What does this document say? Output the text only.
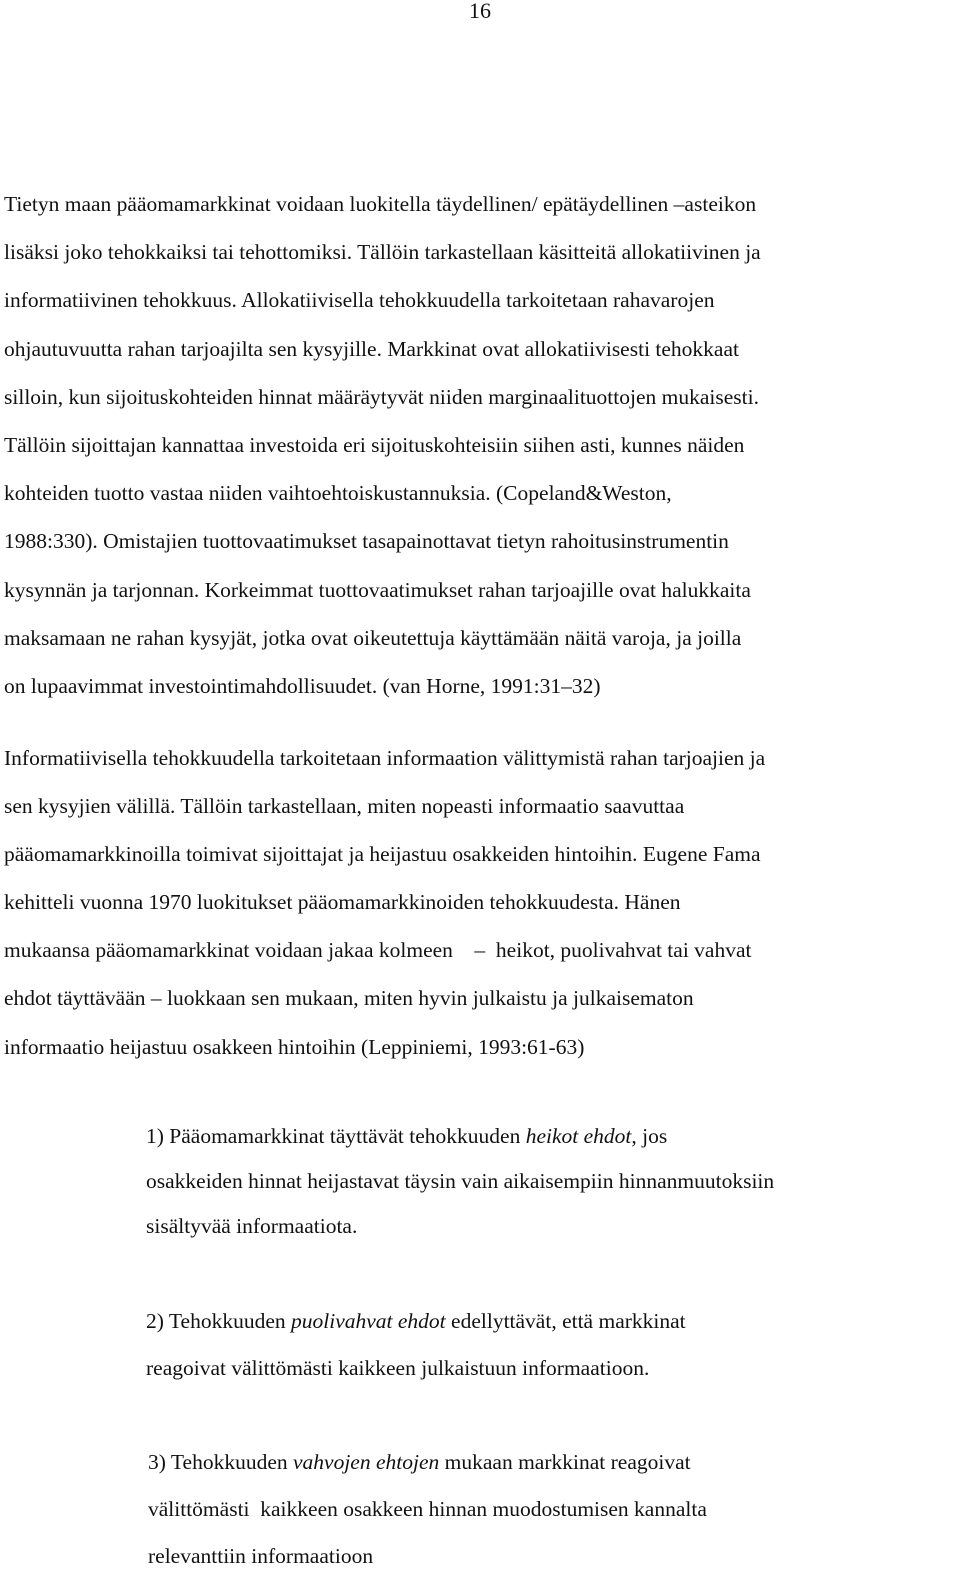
16

Tietyn maan pääomamarkkinat voidaan luokitella täydellinen/ epätäydellinen –asteikon
lisäksi joko tehokkaiksi tai tehottomiksi. Tällöin tarkastellaan käsitteitä allokatiivinen ja
informatiivinen tehokkuus. Allokatiivisella tehokkuudella tarkoitetaan rahavarojen
ohjautuvuutta rahan tarjoajilta sen kysyjille. Markkinat ovat allokatiivisesti tehokkaat
silloin, kun sijoituskohteiden hinnat määräytyvät niiden marginaalituottojen mukaisesti.
Tällöin sijoittajan kannattaa investoida eri sijoituskohteisiin siihen asti, kunnes näiden
kohteiden tuotto vastaa niiden vaihtoehtoiskustannuksia. (Copeland&Weston,
1988:330). Omistajien tuottovaatimukset tasapainottavat tietyn rahoitusinstrumentin
kysynnän ja tarjonnan. Korkeimmat tuottovaatimukset rahan tarjoajille ovat halukkaita
maksamaan ne rahan kysyjät, jotka ovat oikeutettuja käyttämään näitä varoja, ja joilla
on lupaavimmat investointimahdollisuudet. (van Horne, 1991:31–32)

Informatiivisella tehokkuudella tarkoitetaan informaation välittymistä rahan tarjoajien ja
sen kysyjien välillä. Tällöin tarkastellaan, miten nopeasti informaatio saavuttaa
pääomamarkkinoilla toimivat sijoittajat ja heijastuu osakkeiden hintoihin. Eugene Fama
kehitteli vuonna 1970 luokitukset pääomamarkkinoiden tehokkuudesta. Hänen
mukaansa pääomamarkkinat voidaan jakaa kolmeen    –  heikot, puolivahvat tai vahvat
ehdot täyttävään – luokkaan sen mukaan, miten hyvin julkaistu ja julkaisematon
informaatio heijastuu osakkeen hintoihin (Leppiniemi, 1993:61-63)

1) Pääomamarkkinat täyttävät tehokkuuden heikot ehdot, jos
osakkeiden hinnat heijastavat täysin vain aikaisempiin hinnanmuutoksiin
sisältyvää informaatiota.
2) Tehokkuuden puolivahvat ehdot edellyttävät, että markkinat
reagoivat välittömästi kaikkeen julkaistuun informaatioon.
3) Tehokkuuden vahvojen ehtojen mukaan markkinat reagoivat
välittömästi  kaikkeen osakkeen hinnan muodostumisen kannalta
relevanttiin informaatioon
